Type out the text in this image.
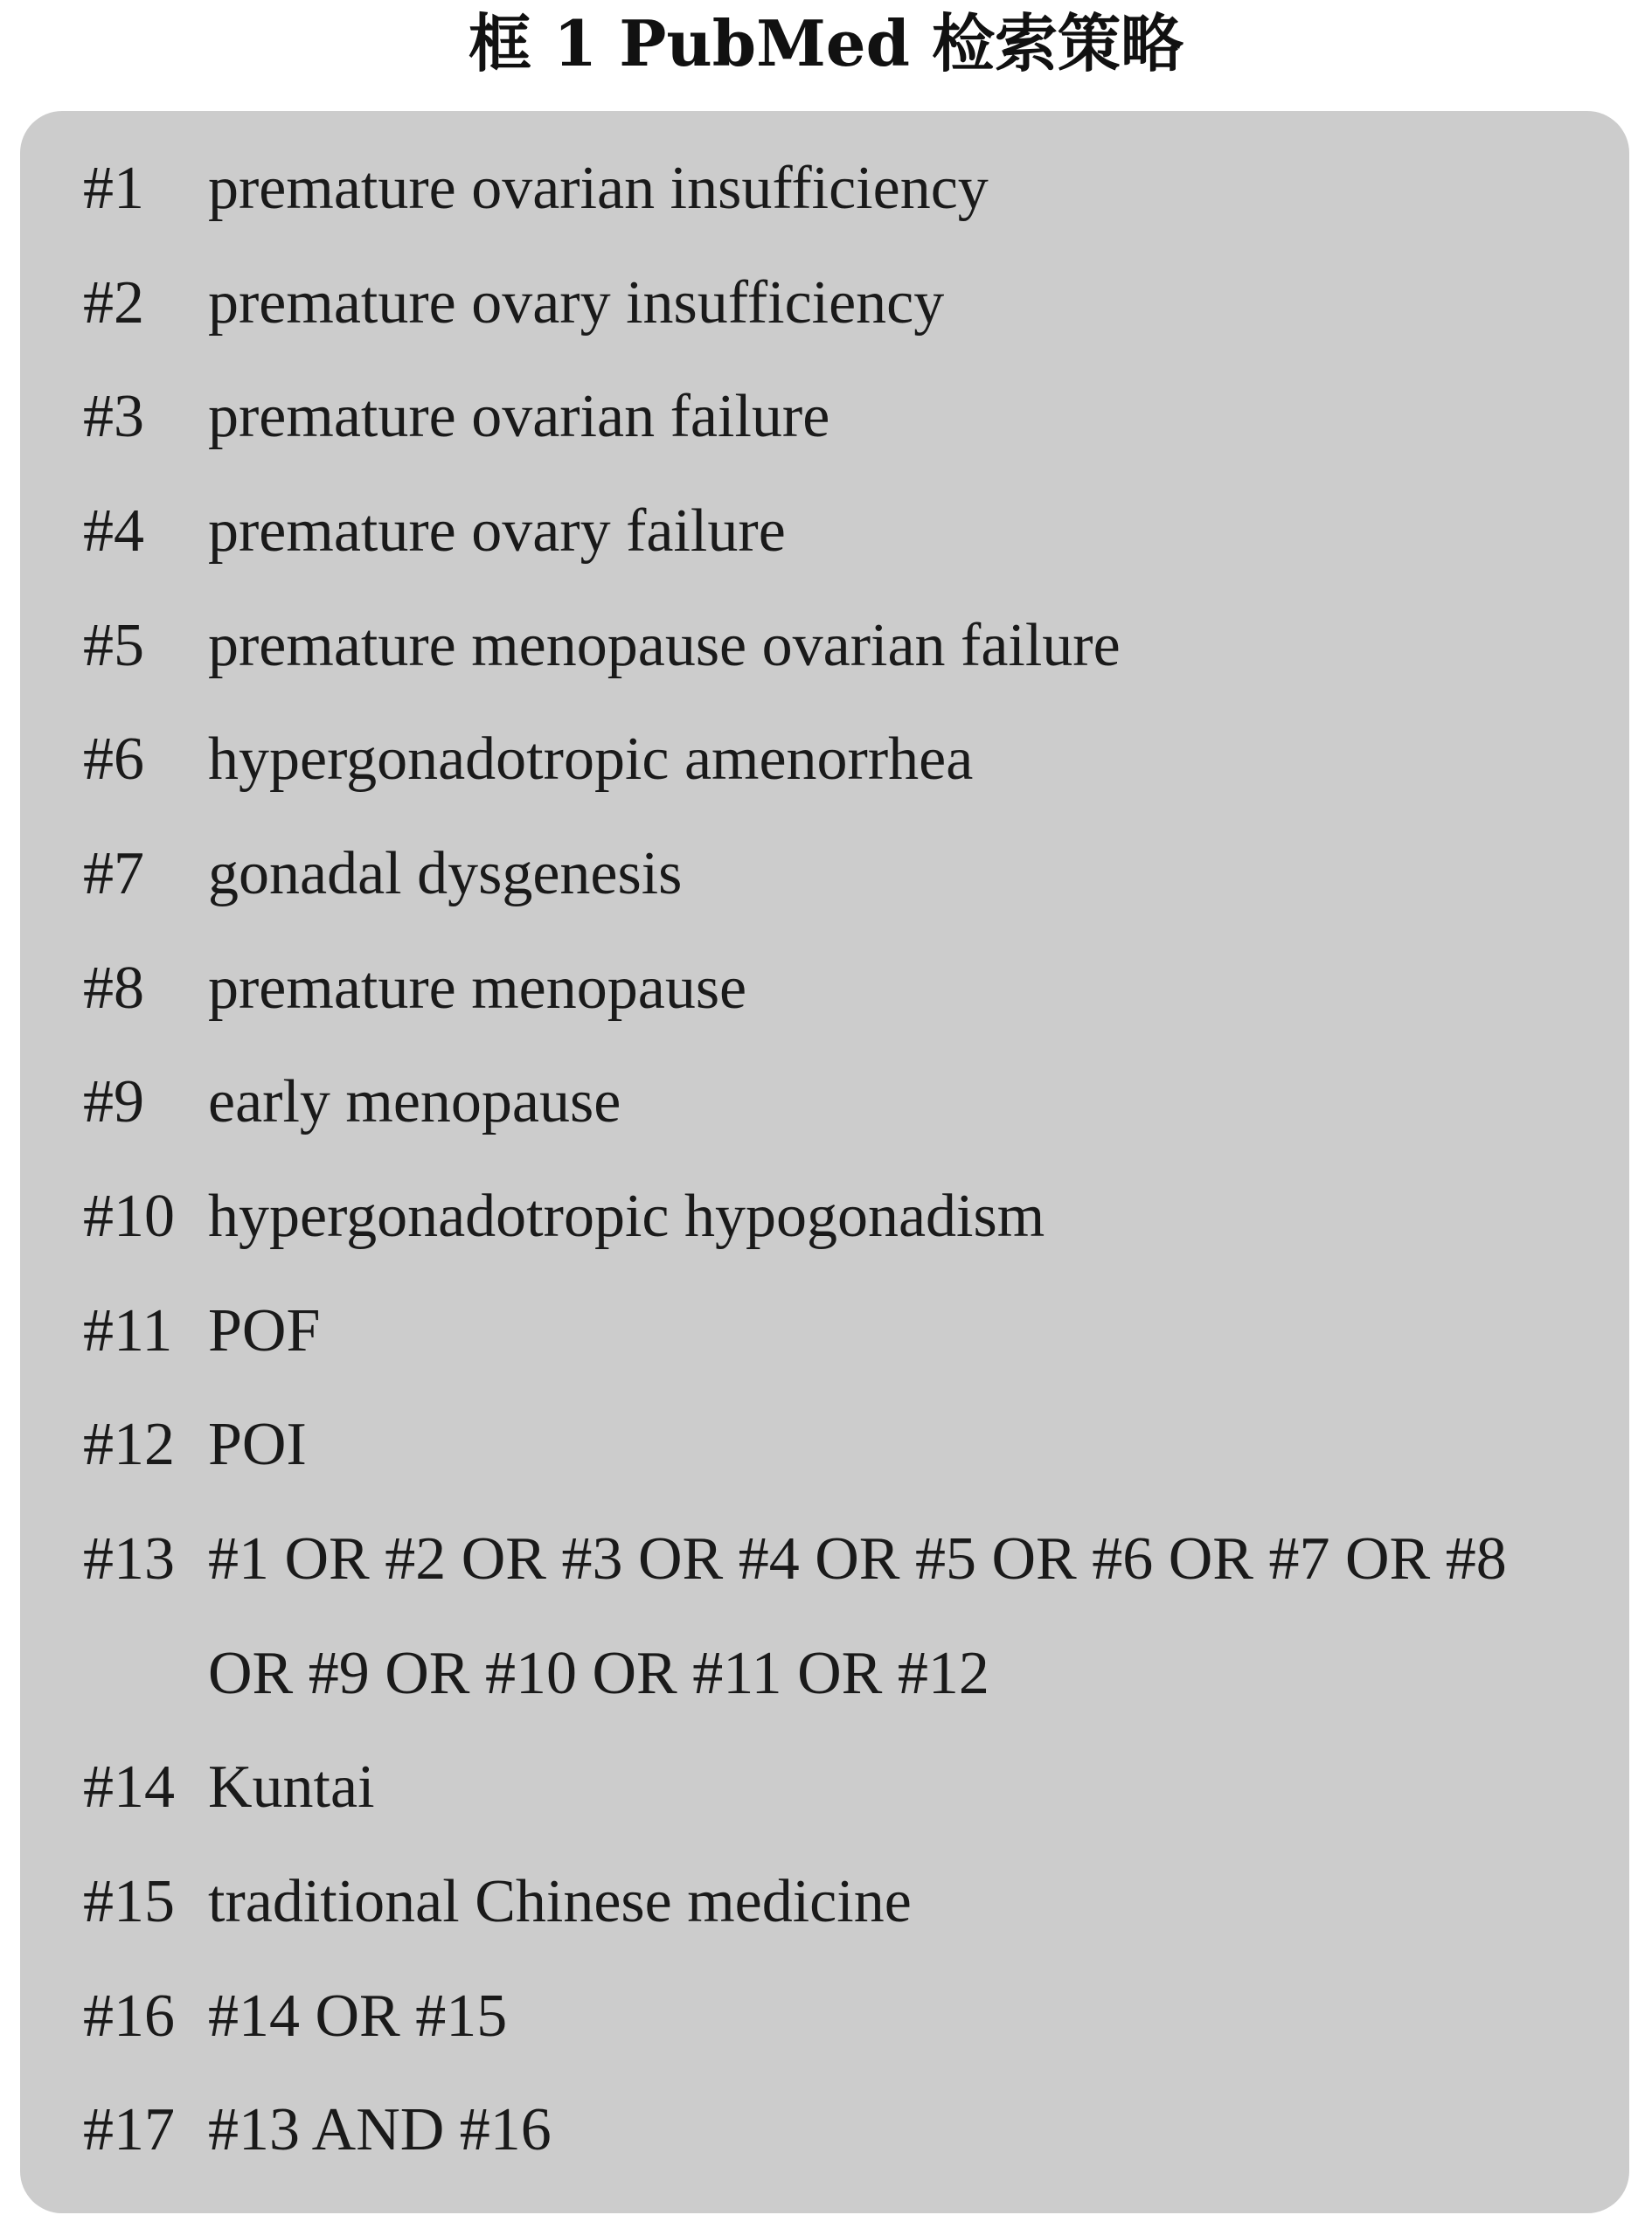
框 1 PubMed 检索策略
#1 premature ovarian insufficiency
#2 premature ovary insufficiency
#3 premature ovarian failure
#4 premature ovary failure
#5 premature menopause ovarian failure
#6 hypergonadotropic amenorrhea
#7 gonadal dysgenesis
#8 premature menopause
#9 early menopause
#10 hypergonadotropic hypogonadism
#11 POF
#12 POI
#13 #1 OR #2 OR #3 OR #4 OR #5 OR #6 OR #7 OR #8
OR #9 OR #10 OR #11 OR #12
#14 Kuntai
#15 traditional Chinese medicine
#16 #14 OR #15
#17 #13 AND #16
